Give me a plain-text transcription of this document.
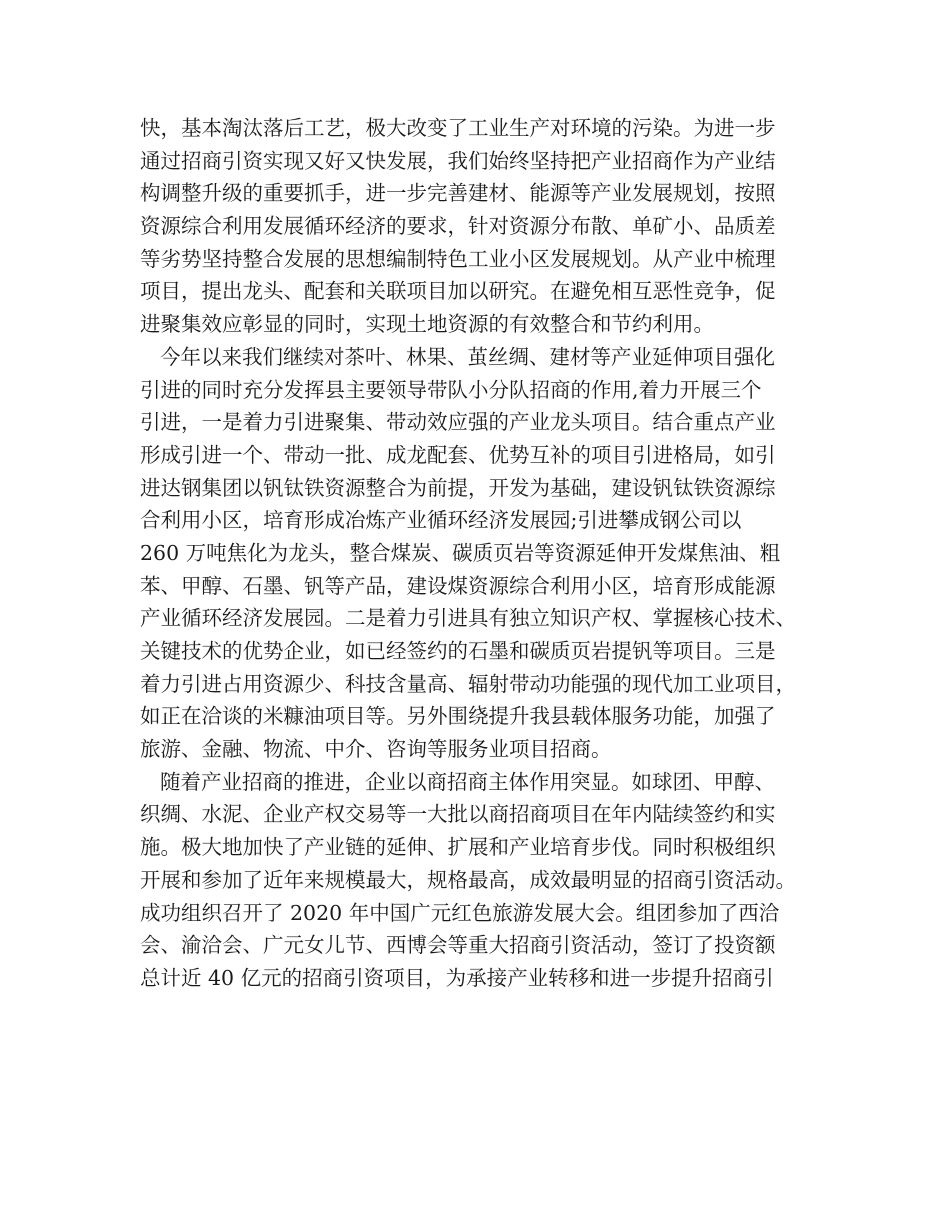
快，基本淘汰落后工艺，极大改变了工业生产对环境的污染。为进一步
通过招商引资实现又好又快发展，我们始终坚持把产业招商作为产业结
构调整升级的重要抓手，进一步完善建材、能源等产业发展规划，按照
资源综合利用发展循环经济的要求，针对资源分布散、单矿小、品质差
等劣势坚持整合发展的思想编制特色工业小区发展规划。从产业中梳理
项目，提出龙头、配套和关联项目加以研究。在避免相互恶性竞争，促
进聚集效应彰显的同时，实现土地资源的有效整合和节约利用。
今年以来我们继续对茶叶、林果、茧丝绸、建材等产业延伸项目强化
引进的同时充分发挥县主要领导带队小分队招商的作用,着力开展三个
引进，一是着力引进聚集、带动效应强的产业龙头项目。结合重点产业
形成引进一个、带动一批、成龙配套、优势互补的项目引进格局，如引
进达钢集团以钒钛铁资源整合为前提，开发为基础，建设钒钛铁资源综
合利用小区，培育形成冶炼产业循环经济发展园;引进攀成钢公司以
260 万吨焦化为龙头，整合煤炭、碳质页岩等资源延伸开发煤焦油、粗
苯、甲醇、石墨、钒等产品，建设煤资源综合利用小区，培育形成能源
产业循环经济发展园。二是着力引进具有独立知识产权、掌握核心技术、
关键技术的优势企业，如已经签约的石墨和碳质页岩提钒等项目。三是
着力引进占用资源少、科技含量高、辐射带动功能强的现代加工业项目，
如正在洽谈的米糠油项目等。另外围绕提升我县载体服务功能，加强了
旅游、金融、物流、中介、咨询等服务业项目招商。
随着产业招商的推进，企业以商招商主体作用突显。如球团、甲醇、
织绸、水泥、企业产权交易等一大批以商招商项目在年内陆续签约和实
施。极大地加快了产业链的延伸、扩展和产业培育步伐。同时积极组织
开展和参加了近年来规模最大，规格最高，成效最明显的招商引资活动。
成功组织召开了 2020 年中国广元红色旅游发展大会。组团参加了西洽
会、渝洽会、广元女儿节、西博会等重大招商引资活动，签订了投资额
总计近 40 亿元的招商引资项目，为承接产业转移和进一步提升招商引
